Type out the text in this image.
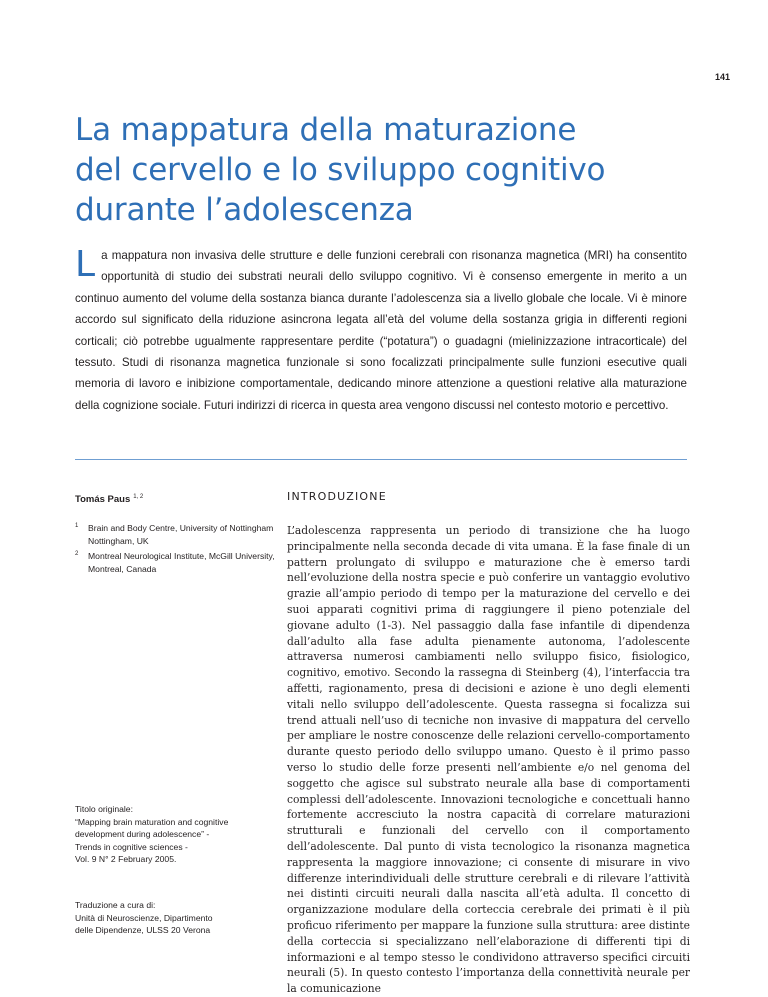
141
La mappatura della maturazione
del cervello e lo sviluppo cognitivo
durante l’adolescenza

La mappatura non invasiva delle strutture e delle funzioni cerebrali con risonanza magnetica (MRI) ha consentito opportunità di studio dei substrati neurali dello sviluppo cognitivo. Vi è consenso emergente in merito a un continuo aumento del volume della sostanza bianca durante l’adolescenza sia a livello globale che locale. Vi è minore accordo sul significato della riduzione asincrona legata all’età del volume della sostanza grigia in differenti regioni corticali; ciò potrebbe ugualmente rappresentare perdite (“potatura”) o guadagni (mielinizzazione intracorticale) del tessuto. Studi di risonanza magnetica funzionale si sono focalizzati principalmente sulle funzioni esecutive quali memoria di lavoro e inibizione comportamentale, dedicando minore attenzione a questioni relative alla maturazione della cognizione sociale. Futuri indirizzi di ricerca in questa area vengono discussi nel contesto motorio e percettivo.

Tomás Paus $^{1, 2}$

1 Brain and Body Centre, University of Nottingham Nottingham, UK
2 Montreal Neurological Institute, McGill University, Montreal, Canada

Titolo originale:
“Mapping brain maturation and cognitive
development during adolescence” -
Trends in cognitive sciences -
Vol. 9 N° 2 February 2005.

Traduzione a cura di:
Unità di Neuroscienze, Dipartimento
delle Dipendenze, ULSS 20 Verona

INTRODUZIONE

L’adolescenza rappresenta un periodo di transizione che ha luogo principalmente nella seconda decade di vita umana. È la fase finale di un pattern prolungato di sviluppo e maturazione che è emerso tardi nell’evoluzione della nostra specie e può conferire un vantaggio evolutivo grazie all’ampio periodo di tempo per la maturazione del cervello e dei suoi apparati cognitivi prima di raggiungere il pieno potenziale del giovane adulto (1-3). Nel passaggio dalla fase infantile di dipendenza dall’adulto alla fase adulta pienamente autonoma, l’adolescente attraversa numerosi cambiamenti nello sviluppo fisico, fisiologico, cognitivo, emotivo. Secondo la rassegna di Steinberg (4), l’interfaccia tra affetti, ragionamento, presa di decisioni e azione è uno degli elementi vitali nello sviluppo dell’adolescente. Questa rassegna si focalizza sui trend attuali nell’uso di tecniche non invasive di mappatura del cervello per ampliare le nostre conoscenze delle relazioni cervello-comportamento durante questo periodo dello sviluppo umano. Questo è il primo passo verso lo studio delle forze presenti nell’ambiente e/o nel genoma del soggetto che agisce sul substrato neurale alla base di comportamenti complessi dell’adolescente. Innovazioni tecnologiche e concettuali hanno fortemente accresciuto la nostra capacità di correlare maturazioni strutturali e funzionali del cervello con il comportamento dell’adolescente. Dal punto di vista tecnologico la risonanza magnetica rappresenta la maggiore innovazione; ci consente di misurare in vivo differenze interindividuali delle strutture cerebrali e di rilevare l’attività nei distinti circuiti neurali dalla nascita all’età adulta. Il concetto di organizzazione modulare della corteccia cerebrale dei primati è il più proficuo riferimento per mappare la funzione sulla struttura: aree distinte della corteccia si specializzano nell’elaborazione di differenti tipi di informazioni e al tempo stesso le condividono attraverso specifici circuiti neurali (5). In questo contesto l’importanza della connettività neurale per la comunicazione
